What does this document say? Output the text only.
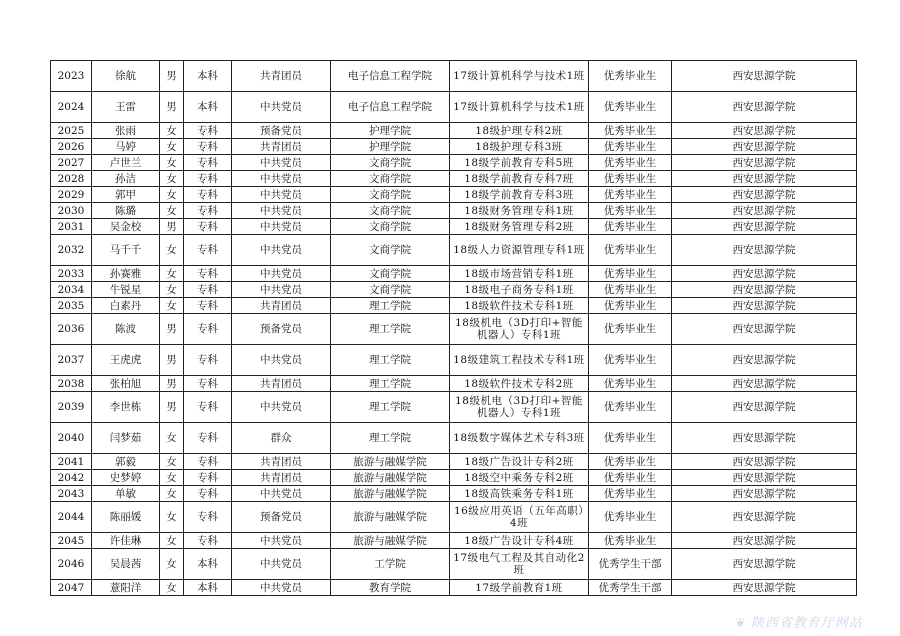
2023	徐航	男	本科	共青团员	电子信息工程学院	17级计算机科学与技术1班	优秀毕业生	西安思源学院
2024	王雷	男	本科	中共党员	电子信息工程学院	17级计算机科学与技术1班	优秀毕业生	西安思源学院
2025	张雨	女	专科	预备党员	护理学院	18级护理专科2班	优秀毕业生	西安思源学院
2026	马婷	女	专科	共青团员	护理学院	18级护理专科3班	优秀毕业生	西安思源学院
2027	卢世兰	女	专科	中共党员	文商学院	18级学前教育专科5班	优秀毕业生	西安思源学院
2028	孙洁	女	专科	中共党员	文商学院	18级学前教育专科7班	优秀毕业生	西安思源学院
2029	郭甲	女	专科	中共党员	文商学院	18级学前教育专科3班	优秀毕业生	西安思源学院
2030	陈璐	女	专科	中共党员	文商学院	18级财务管理专科1班	优秀毕业生	西安思源学院
2031	吴金校	男	专科	中共党员	文商学院	18级财务管理专科2班	优秀毕业生	西安思源学院
2032	马千千	女	专科	中共党员	文商学院	18级人力资源管理专科1班	优秀毕业生	西安思源学院
2033	孙赛雅	女	专科	中共党员	文商学院	18级市场营销专科1班	优秀毕业生	西安思源学院
2034	牛锐星	女	专科	中共党员	文商学院	18级电子商务专科1班	优秀毕业生	西安思源学院
2035	白素丹	女	专科	共青团员	理工学院	18级软件技术专科1班	优秀毕业生	西安思源学院
2036	陈波	男	专科	预备党员	理工学院	18级机电（3D打印+智能机器人）专科1班	优秀毕业生	西安思源学院
2037	王虎虎	男	专科	中共党员	理工学院	18级建筑工程技术专科1班	优秀毕业生	西安思源学院
2038	张柏旭	男	专科	共青团员	理工学院	18级软件技术专科2班	优秀毕业生	西安思源学院
2039	李世栋	男	专科	中共党员	理工学院	18级机电（3D打印+智能机器人）专科1班	优秀毕业生	西安思源学院
2040	闫梦茹	女	专科	群众	理工学院	18级数字媒体艺术专科3班	优秀毕业生	西安思源学院
2041	郭毅	女	专科	共青团员	旅游与融媒学院	18级广告设计专科2班	优秀毕业生	西安思源学院
2042	史梦婷	女	专科	共青团员	旅游与融媒学院	18级空中乘务专科2班	优秀毕业生	西安思源学院
2043	单敏	女	专科	中共党员	旅游与融媒学院	18级高铁乘务专科1班	优秀毕业生	西安思源学院
2044	陈丽媛	女	专科	预备党员	旅游与融媒学院	16级应用英语（五年高职）4班	优秀毕业生	西安思源学院
2045	许佳琳	女	专科	中共党员	旅游与融媒学院	18级广告设计专科4班	优秀毕业生	西安思源学院
2046	吴晨茜	女	本科	中共党员	工学院	17级电气工程及其自动化2班	优秀学生干部	西安思源学院
2047	薏阳洋	女	本科	中共党员	教育学院	17级学前教育1班	优秀学生干部	西安思源学院
❦ 陕西省教育厅网站
